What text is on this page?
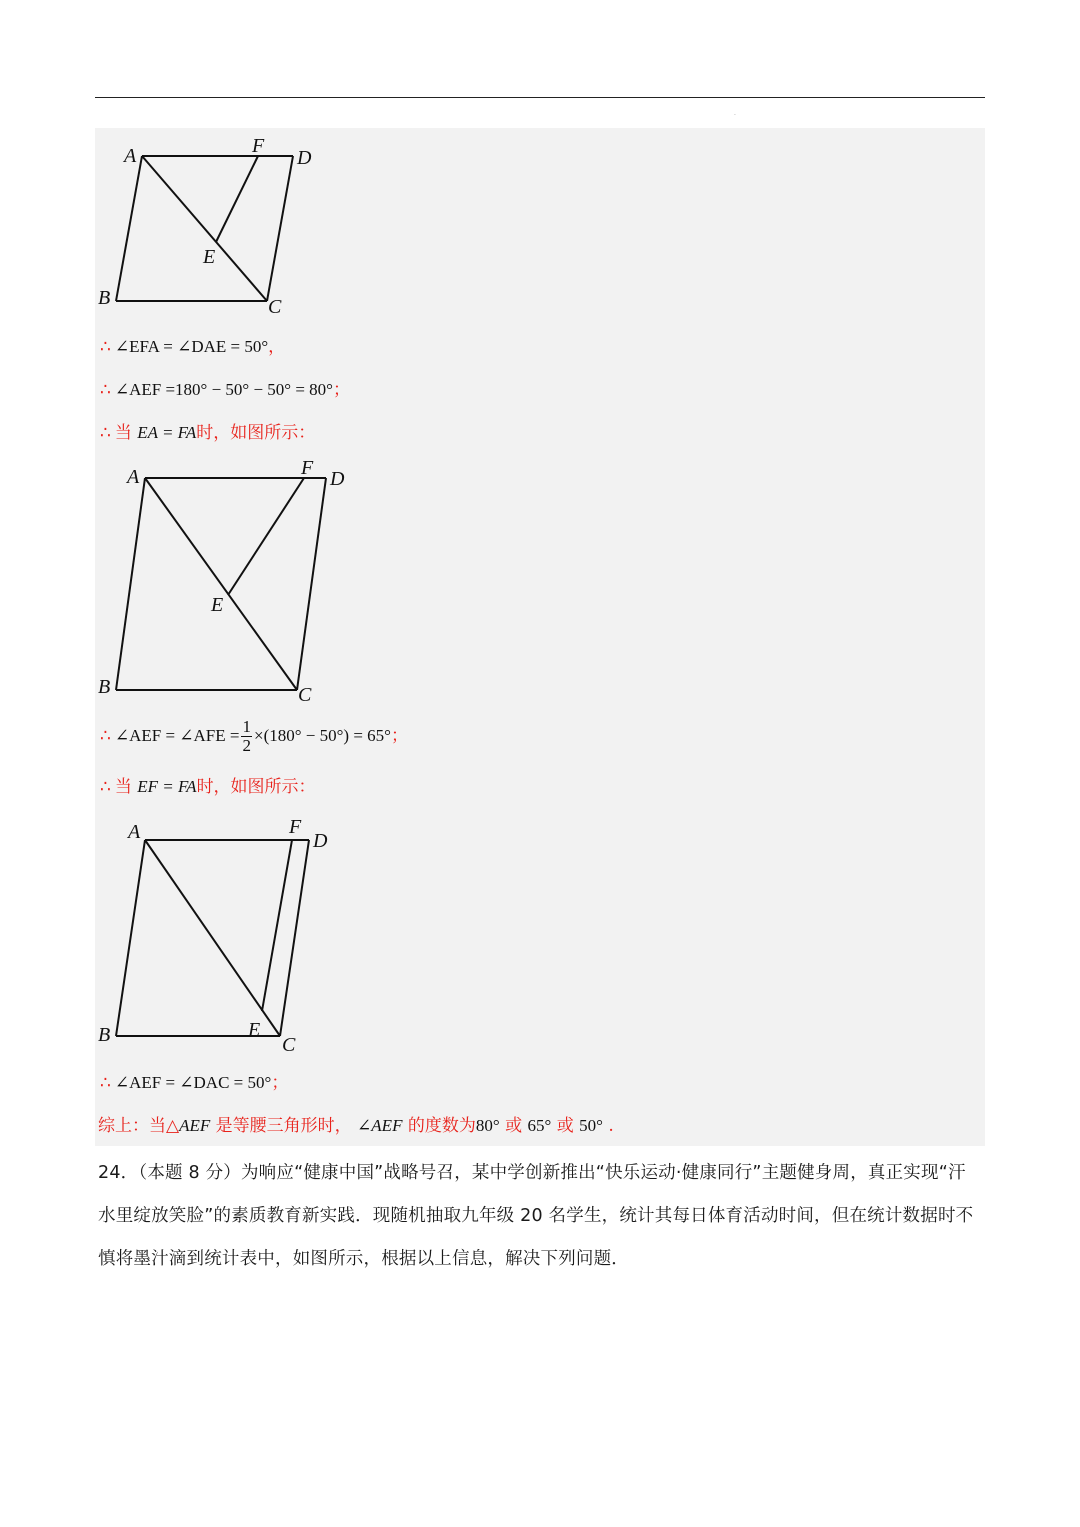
·
A	F
D
E
B	C
∴ ∠EFA = ∠DAE = 50°，
∴ ∠AEF =180° − 50° − 50° = 80°；
∴ 当 EA = FA时，如图所示：
A	F D
E
B	C
∴ ∠AEF = ∠AFE = $\frac{1}{2} \times(180^\circ - 50^\circ) = 65^\circ$；
∴ 当 EF = FA时，如图所示：
A	F
D
E
B	C
∴ ∠AEF = ∠DAC = 50°；
综上：当△AEF 是等腰三角形时， ∠AEF 的度数为80° 或 65° 或 50° .
24．（本题 8 分）为响应“健康中国”战略号召，某中学创新推出“快乐运动·健康同行”主题健身周，真正实现“汗水里绽放笑脸”的素质教育新实践．现随机抽取九年级 20 名学生，统计其每日体育活动时间，但在统计数据时不慎将墨汁滴到统计表中，如图所示，根据以上信息，解决下列问题．
